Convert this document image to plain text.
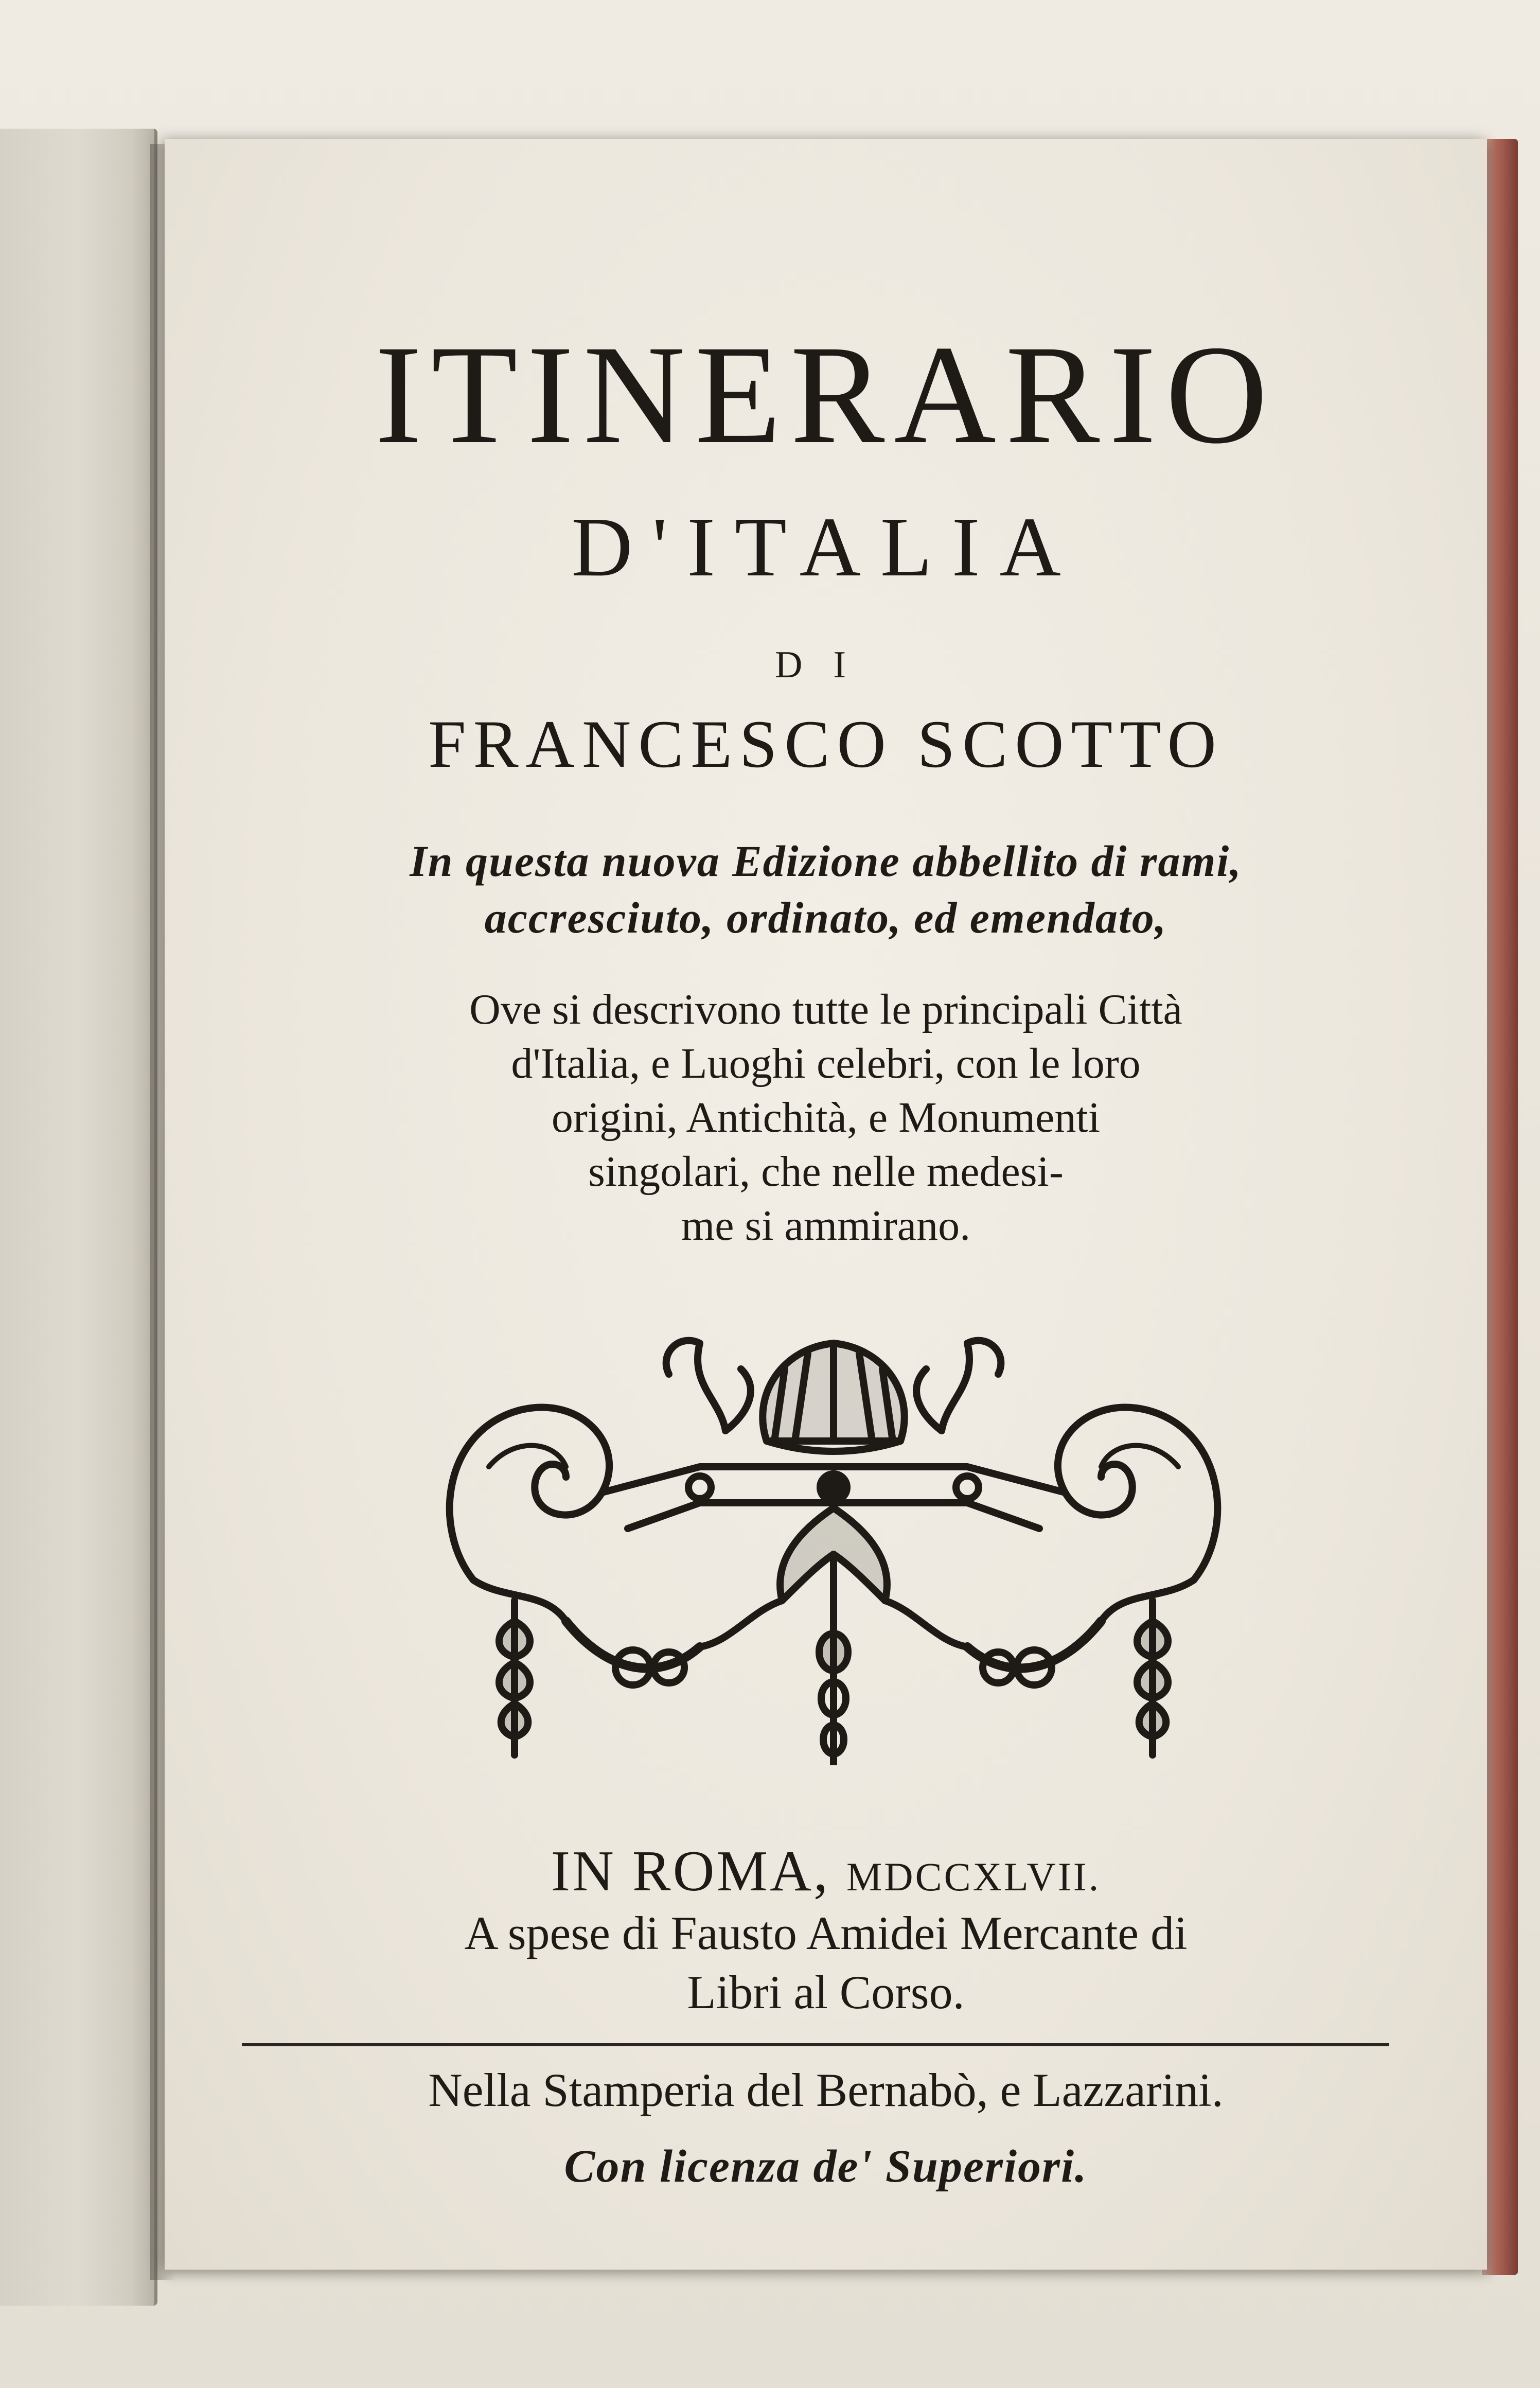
ITINERARIO
D'ITALIA
DI
FRANCESCO SCOTTO
In questa nuova Edizione abbellito di rami,
accresciuto, ordinato, ed emendato,
Ove si descrivono tutte le principali Città
d'Italia, e Luoghi celebri, con le loro
origini, Antichità, e Monumenti
singolari, che nelle medesi-
me si ammirano.
IN ROMA, MDCCXLVII.
A spese di Fausto Amidei Mercante di
Libri al Corso.
Nella Stamperia del Bernabò, e Lazzarini.
Con licenza de' Superiori.
